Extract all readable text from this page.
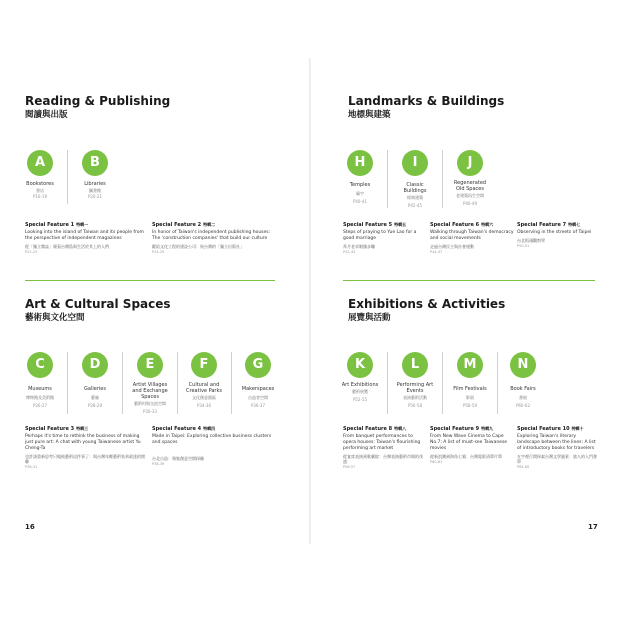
Reading & Publishing
閱讀與出版
A
Bookstores
書店
P16-19
B
Libraries
圖書館
P20-21
Special Feature 1 特輯一
Looking into the island of Taiwan and its people from the perspective of independent magazines
從「獨立雜誌」窺看台灣島與生活於其上的人們
P22-23
Special Feature 2 特輯二
In honor of Taiwan's independent publishing houses: The 'construction companies' that build our culture
獻給文化工程的建設公司：致台灣的「獨立出版社」
P24-25
Art & Cultural Spaces
藝術與文化空間
C
Museums
博物館及美術館
P26-27
D
Galleries
藝廊
P28-29
E
Artist Villages and Exchange Spaces
藝術村與交流空間
P30-33
F
Cultural and Creative Parks
文化創意園區
P34-36
G
Makerspaces
自造者空間
P36-37
Special Feature 3 特輯三
Perhaps it's time to rethink the business of making just pure art: A chat with young Taiwanese artist Yu Cheng-Ta
也許該重新思考只做純藝術這件事了：與台灣年輕藝術家余政達的閒聊
P38-31
Special Feature 4 特輯四
Made in Taipei: Exploring collective business clusters and spaces
台北自造：聚集創意空間探險
P38-39
16
Landmarks & Buildings
地標與建築
H
Temples
廟宇
P40-41
I
Classic Buildings
經典建築
P42-45
J
Regenerated Old Spaces
老建築再生空間
P46-49
Special Feature 5 特輯五
Steps of praying to Yue Lao for a good marriage
拜月老求姻緣步驟
P42-43
Special Feature 6 特輯六
Walking through Taiwan's democracy and social movements
走過台灣民主與社會運動
P44-47
Special Feature 7 特輯七
Observing in the streets of Taipei
台北街頭觀察學
P50-51
Exhibitions & Activities
展覽與活動
K
Art Exhibitions
藝術展覽
P52-55
L
Performing Art Events
表演藝術活動
P56-58
M
Film Festivals
影展
P58-59
N
Book Fairs
書展
P60-62
Special Feature 8 特輯八
From banquet performances to opera houses: Taiwan's flourishing performing art market
從宴席表演到歌劇院：台灣表演藝術市場的茂盛
P56-57
Special Feature 9 特輯九
From New Wave Cinema to Cape No.7: A list of must-see Taiwanese movies
從新浪潮到海角七號：台灣電影清單片單
P60-61
Special Feature 10 特輯十
Exploring Taiwan's literary landscape between the lines: A list of introductory books for travelers
在字裡行間探索台灣文學風景：旅人的入門書單
P64-65
17
